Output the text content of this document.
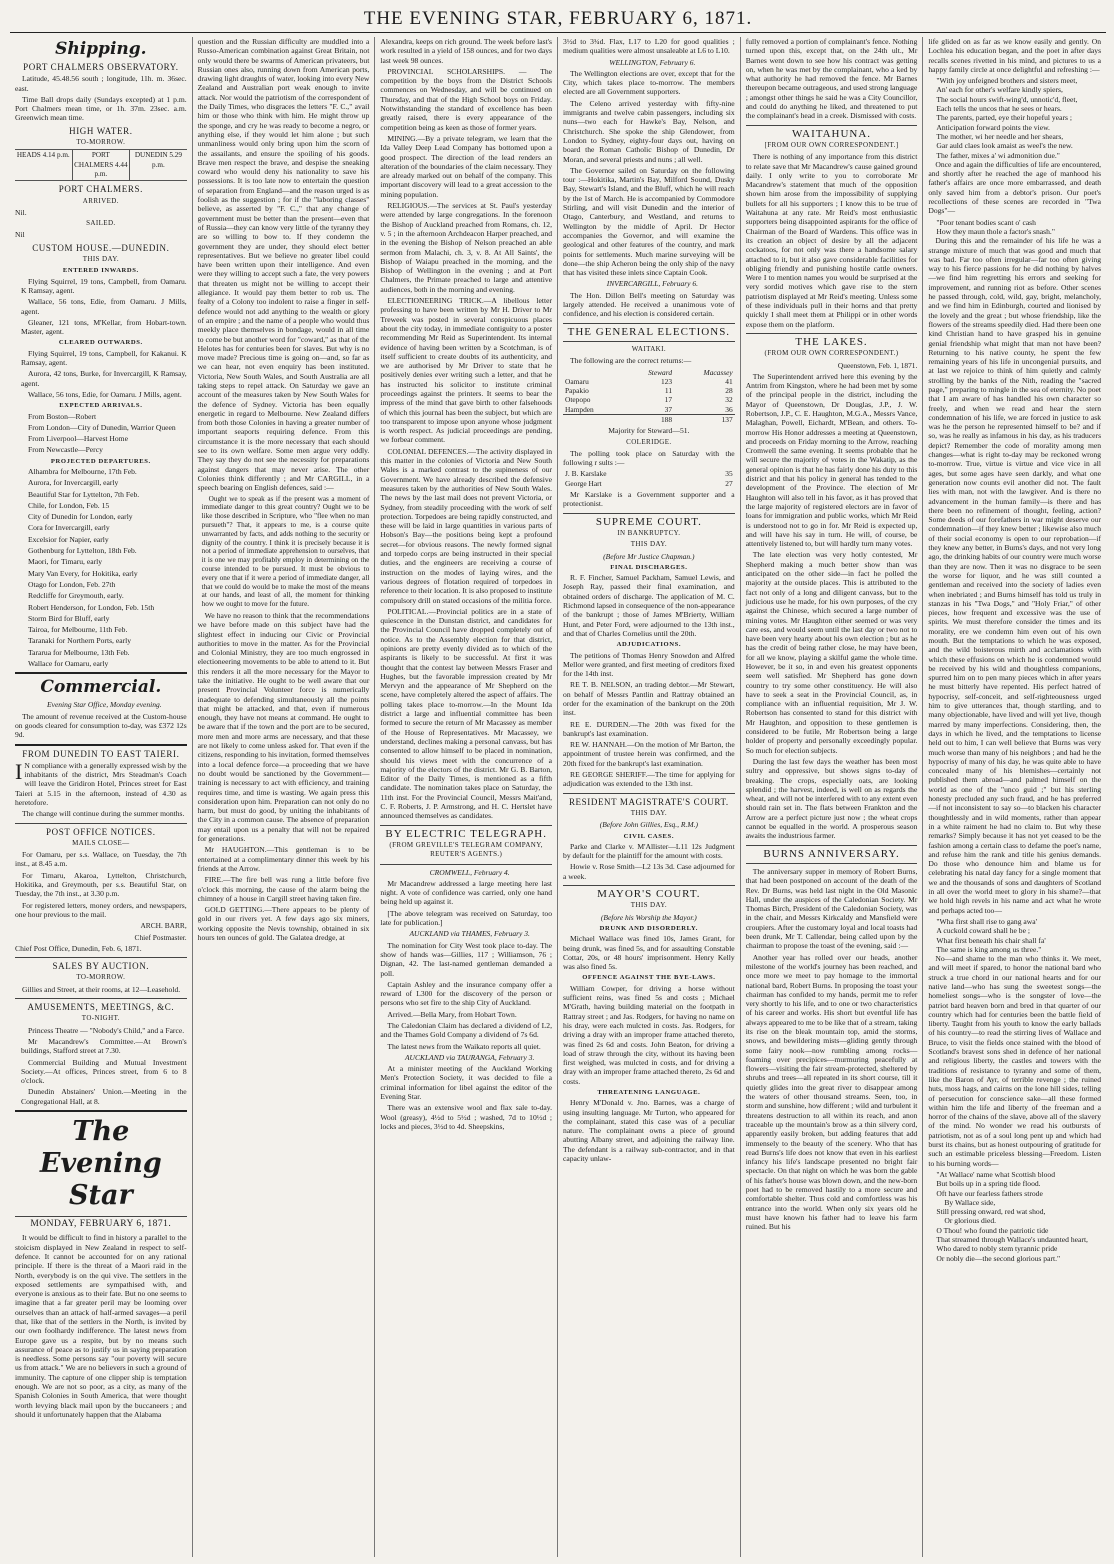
THE EVENING STAR, FEBRUARY 6, 1871.
Shipping.
PORT CHALMERS OBSERVATORY.

Latitude, 45.48.56 south ; longitude, 11h. m. 36sec. east.

Time Ball drops daily (Sundays excepted) at 1 p.m. Port Chalmers mean time, or 1h. 37m. 23sec. a.m. Greenwich mean time.

HIGH WATER.
TO-MORROW.
HEADS 4.14 p.m.	PORT CHALMERS 4.44 p.m.
DUNEDIN 5.29 p.m.
PORT CHALMERS.
ARRIVED.

Nil.

SAILED.

Nil

CUSTOM HOUSE.—DUNEDIN.
THIS DAY.
ENTERED INWARDS.

Flying Squirrel, 19 tons, Campbell, from Oamaru. K Ramsay, agent.

Wallace, 56 tons, Edie, from Oamaru. J Mills, agent.

Gleaner, 121 tons, M'Kellar, from Hobart-town. Master, agent.

CLEARED OUTWARDS.

Flying Squirrel, 19 tons, Campbell, for Kakanui. K Ramsay, agent.

Aurora, 42 tons, Burke, for Invercargill, K Ramsay, agent.

Wallace, 56 tons, Edie, for Oamaru. J Mills, agent.

EXPECTED ARRIVALS.

From Boston—Robert

From London—City of Dunedin, Warrior Queen

From Liverpool—Harvest Home

From Newcastle—Percy

PROJECTED DEPARTURES.

Alhambra for Melbourne, 17th Feb.

Aurora, for Invercargill, early

Beautiful Star for Lyttelton, 7th Feb.

Chile, for London, Feb. 15

City of Dunedin for London, early

Cora for Invercargill, early

Excelsior for Napier, early

Gothenburg for Lyttelton, 18th Feb.

Maori, for Timaru, early

Mary Van Every, for Hokitika, early

Otago for London, Feb. 27th

Redcliffe for Greymouth, early.

Robert Henderson, for London, Feb. 15th

Storm Bird for Bluff, early

Tairoa, for Melbourne, 11th Feb.

Taranaki for Northern Ports, early

Tararua for Melbourne, 13th Feb.

Wallace for Oamaru, early

Commercial.

Evening Star Office, Monday evening.

The amount of revenue received at the Custom-house on goods cleared for consumption to-day, was £372 12s 9d.

FROM DUNEDIN TO EAST TAIERI.

I N compliance with a generally expressed wish by the inhabitants of the district, Mrs Steadman's Coach will leave the Gridiron Hotel, Princes street for East Taieri at 5.15 in the afternoon, instead of 4.30 as heretofore.

The change will continue during the summer months.

POST OFFICE NOTICES.
MAILS CLOSE—

For Oamaru, per s.s. Wallace, on Tuesday, the 7th inst., at 8.45 a.m.

For Timaru, Akaroa, Lyttelton, Christchurch, Hokitika, and Greymouth, per s.s. Beautiful Star, on Tuesday, the 7th inst., at 3.30 p.m.

For registered letters, money orders, and newspapers, one hour previous to the mail.

ARCH. BARR,

Chief Postmaster.

Chief Post Office, Dunedin, Feb. 6, 1871.

SALES BY AUCTION.
TO-MORROW.

Gillies and Street, at their rooms, at 12—Leasehold.

AMUSEMENTS, MEETINGS, &C.
TO-NIGHT.

Princess Theatre — "Nobody's Child," and a Farce.

Mr Macandrew's Committee.—At Brown's buildings, Stafford street at 7.30.

Commercial Building and Mutual Investment Society.—At offices, Princes street, from 6 to 8 o'clock.

Dunedin Abstainers' Union.—Meeting in the Congregational Hall, at 8.

The Evening Star
MONDAY, FEBRUARY 6, 1871.

It would be difficult to find in history a parallel to the stoicism displayed in New Zealand in respect to self-defence. It cannot be accounted for on any rational principle. If there is the threat of a Maori raid in the North, everybody is on the qui vive. The settlers in the exposed settlements are sympathised with, and everyone is anxious as to their fate. But no one seems to imagine that a far greater peril may be looming over ourselves than an attack of half-armed savages—a peril that, like that of the settlers in the North, is invited by our own foolhardy indifference. The latest news from Europe gave us a respite, but by no means such assurance of peace as to justify us in saying preparation is needless. Some persons say "our poverty will secure us from attack." We are no believers in such a ground of immunity. The capture of one clipper ship is temptation enough. We are not so poor, as a city, as many of the Spanish Colonies in South America, that were thought worth levying black mail upon by the buccaneers ; and should it unfortunately happen that the Alabama

question and the Russian difficulty are muddled into a Russo-American combination against Great Britain, not only would there be swarms of American privateers, but Russian ones also, running down from American ports, drawing light draughts of water, looking into every New Zealand and Australian port weak enough to invite attack. Nor would the patriotism of the correspondent of the Daily Times, who disgraces the letters "F. C.," avail him or those who think with him. He might throw up the sponge, and cry he was ready to become a negro, or anything else, if they would let him alone ; but such unmanliness would only bring upon him the scorn of the assailants, and ensure the spoiling of his goods. Brave men respect the brave, and despise the sneaking coward who would deny his nationality to save his possessions. It is too late now to entertain the question of separation from England—and the reason urged is as foolish as the suggestion ; for if the "laboring classes" believe, as asserted by "F. C.," that any change of government must be better than the present—even that of Russia—they can know very little of the tyranny they are so willing to bow to. If they condemn the government they are under, they should elect better representatives. But we believe no greater libel could have been written upon their intelligence. And even were they willing to accept such a fate, the very powers that threaten us might not be willing to accept their allegiance. It would pay them better to rob us. The fealty of a Colony too indolent to raise a finger in self-defence would not add anything to the wealth or glory of an empire ; and the name of a people who would thus meekly place themselves in bondage, would in all time to come be but another word for "coward," as that of the Helotes has for centuries been for slaves. But why is no move made? Precious time is going on—and, so far as we can hear, not even enquiry has been instituted. Victoria, New South Wales, and South Australia are all taking steps to repel attack. On Saturday we gave an account of the measures taken by New South Wales for the defence of Sydney. Victoria has been equally energetic in regard to Melbourne. New Zealand differs from both those Colonies in having a greater number of important seaports requiring defence. From this circumstance it is the more necessary that each should see to its own welfare. Some men argue very oddly. They say they do not see the necessity for preparations against dangers that may never arise. The other Colonies think differently ; and Mr CARGILL, in a speech bearing on English defences, said :—

Ought we to speak as if the present was a moment of immediate danger to this great country? Ought we to be like those described in Scripture, who "flee when no man pursueth"? That, it appears to me, is a course quite unwarranted by facts, and adds nothing to the security or dignity of the country. I think it is precisely because it is not a period of immediate apprehension to ourselves, that it is one we may profitably employ in determining on the course intended to be pursued. It must be obvious to every one that if it were a period of immediate danger, all that we could do would be to make the most of the means at our hands, and least of all, the moment for thinking how we ought to move for the future.

We have no reason to think that the recommendations we have before made on this subject have had the slightest effect in inducing our Civic or Provincial authorities to move in the matter. As for the Provincial and Colonial Ministry, they are too much engrossed in electioneering movements to be able to attend to it. But this renders it all the more necessary for the Mayor to take the initiative. He ought to be well aware that our present Provincial Volunteer force is numerically inadequate to defending simultaneously all the points that might be attacked, and that, even if numerous enough, they have not means at command. He ought to be aware that if the town and the port are to be secured, more men and more arms are necessary, and that these are not likely to come unless asked for. That even if the citizens, responding to his invitation, formed themselves into a local defence force—a proceeding that we have no doubt would be sanctioned by the Government—training is necessary to act with efficiency, and training requires time, and time is wasting. We again press this consideration upon him. Preparation can not only do no harm, but must do good, by uniting the inhabitants of the City in a common cause. The absence of preparation may entail upon us a penalty that will not be repaired for generations.

Mr HAUGHTON.—This gentleman is to be entertained at a complimentary dinner this week by his friends at the Arrow.

FIRE.—The fire bell was rung a little before five o'clock this morning, the cause of the alarm being the chimney of a house in Cargill street having taken fire.

GOLD GETTING.—There appears to be plenty of gold in our rivers yet. A few days ago six miners, working opposite the Nevis township, obtained in six hours ten ounces of gold. The Galatea dredge, at

Alexandra, keeps on rich ground. The week before last's work resulted in a yield of 158 ounces, and for two days last week 98 ounces.

PROVINCIAL SCHOLARSHIPS. — The competition by the boys from the District Schools commences on Wednesday, and will be continued on Thursday, and that of the High School boys on Friday. Notwithstanding the standard of excellence has been greatly raised, there is every appearance of the competition being as keen as those of former years.

MINING.—By a private telegram, we learn that the Ida Valley Deep Lead Company has bottomed upon a good prospect. The direction of the lead renders an alteration of the boundaries of the claim necessary. They are already marked out on behalf of the company. This important discovery will lead to a great accession to the mining population.

RELIGIOUS.—The services at St. Paul's yesterday were attended by large congregations. In the forenoon the Bishop of Auckland preached from Romans, ch. 12, v. 5 ; in the afternoon Archdeacon Harper preached, and in the evening the Bishop of Nelson preached an able sermon from Malachi, ch. 3, v. 8. At All Saints', the Bishop of Waiapu preached in the morning, and the Bishop of Wellington in the evening ; and at Port Chalmers, the Primate preached to large and attentive audiences, both in the morning and evening.

ELECTIONEERING TRICK.—A libellous letter professing to have been written by Mr H. Driver to Mr Treweek was posted in several conspicuous places about the city today, in immediate contiguity to a poster recommending Mr Reid as Superintendent. Its internal evidence of having been written by a Scotchman, is of itself sufficient to create doubts of its authenticity, and we are authorised by Mr Driver to state that he positively denies ever writing such a letter, and that he has instructed his solicitor to institute criminal proceedings against the printers. It seems to bear the impress of the mind that gave birth to other falsehoods of which this journal has been the subject, but which are too transparent to impose upon anyone whose judgment is worth respect. As judicial proceedings are pending, we forbear comment.

COLONIAL DEFENCES.—The activity displayed in this matter in the colonies of Victoria and New South Wales is a marked contrast to the supineness of our Government. We have already described the defensive measures taken by the authorities of New South Wales. The news by the last mail does not prevent Victoria, or Sydney, from steadily proceeding with the work of self protection. Torpedoes are being rapidly constructed, and these will be laid in large quantities in various parts of Hobson's Bay—the positions being kept a profound secret—for obvious reasons. The newly formed signal and torpedo corps are being instructed in their special duties, and the engineers are receiving a course of instruction on the modes of laying wires, and the various degrees of flotation required of torpedoes in reference to their location. It is also proposed to institute compulsory drill on stated occasions of the militia force.

POLITICAL.—Provincial politics are in a state of quiescence in the Dunstan district, and candidates for the Provincial Council have dropped completely out of notice. As to the Assembly election for that district, opinions are pretty evenly divided as to which of the aspirants is likely to be successful. At first it was thought that the contest lay between Messrs Fraser and Hughes, but the favorable impression created by Mr Mervyn and the appearance of Mr Shepherd on the scene, have completely altered the aspect of affairs. The polling takes place to-morrow.—In the Mount Ida district a large and influential committee has been formed to secure the return of Mr Macassey as member of the House of Representatives. Mr Macassey, we understand, declines making a personal canvass, but has consented to allow himself to be placed in nomination, should his views meet with the concurrence of a majority of the electors of the district. Mr G. B. Barton, Editor of the Daily Times, is mentioned as a fifth candidate. The nomination takes place on Saturday, the 11th inst. For the Provincial Council, Messrs Mait'and, C. F. Roberts, J. P. Armstrong, and H. C. Hertslet have announced themselves as candidates.

BY ELECTRIC TELEGRAPH.
(FROM GREVILLE'S TELEGRAM COMPANY, REUTER'S AGENTS.)

CROMWELL, February 4.

Mr Macandrew addressed a large meeting here last night. A vote of confidence was carried, only one hand being held up against it.

[The above telegram was received on Saturday, too late for publication.]

AUCKLAND via THAMES, February 3.

The nomination for City West took place to-day. The show of hands was—Gillies, 117 ; Williamson, 76 ; Dignan, 42. The last-named gentleman demanded a poll.

Captain Ashley and the insurance company offer a reward of L300 for the discovery of the person or persons who set fire to the ship City of Auckland.

Arrived.—Bella Mary, from Hobart Town.

The Caledonian Claim has declared a dividend of L2, and the Thames Gold Company a dividend of 7s 6d.

The latest news from the Waikato reports all quiet.

AUCKLAND via TAURANGA, February 3.

At a minister meeting of the Auckland Working Men's Protection Society, it was decided to file a criminal information for libel against the editor of the Evening Star.

There was an extensive wool and flax sale to-day. Wool (greasy), 4½d to 5½d ; washed, 7d to 10½d ; locks and pieces, 3½d to 4d. Sheepskins,

3½d to 3¾d. Flax, L17 to L20 for good qualities ; medium qualities were almost unsaleable at L6 to L10.

WELLINGTON, February 6.

The Wellington elections are over, except that for the City, which takes place to-morrow. The members elected are all Government supporters.

The Celeno arrived yesterday with fifty-nine immigrants and twelve cabin passengers, including six nuns—two each for Hawke's Bay, Nelson, and Christchurch. She spoke the ship Glendower, from London to Sydney, eighty-four days out, having on board the Roman Catholic Bishop of Dunedin, Dr Moran, and several priests and nuns ; all well.

The Governor sailed on Saturday on the following tour :—Hokitika, Martin's Bay, Milford Sound, Dusky Bay, Stewart's Island, and the Bluff, which he will reach by the 1st of March. He is accompanied by Commodore Stirling, and will visit Dunedin and the interior of Otago, Canterbury, and Westland, and returns to Wellington by the middle of April. Dr Hector accompanies the Governor, and will examine the geological and other features of the country, and mark points for settlements. Much marine surveying will be done—the ship Acheron being the only ship of the navy that has visited these inlets since Captain Cook.

INVERCARGILL, February 6.

The Hon. Dillon Bell's meeting on Saturday was largely attended. He received a unanimous vote of confidence, and his election is considered certain.

THE GENERAL ELECTIONS.
WAITAKI.

The following are the correct returns:—

	Steward	Macassey
Oamaru	123	41
Papakio	11	28
Otepopo	17	32
Hampden	37	36
	188	137

Majority for Steward—51.

COLERIDGE.

The polling took place on Saturday with the following r sults :—

J. B. Karslake	35
George Hart	27

Mr Karslake is a Government supporter and a protectionist.

SUPREME COURT.
IN BANKRUPTCY.
THIS DAY.
(Before Mr Justice Chapman.)
FINAL DISCHARGES.

R. F. Fincher, Samuel Packham, Samuel Lewis, and Joseph Ray, passed their final examination, and obtained orders of discharge. The application of M. C. Richmond lapsed in consequence of the non-appearance of the bankrupt ; those of James M'Brierty, William Hunt, and Peter Ford, were adjourned to the 13th inst., and that of Charles Cornelius until the 20th.

ADJUDICATIONS.

The petitions of Thomas Henry Snowdon and Alfred Mellor were granted, and first meeting of creditors fixed for the 14th inst.

RE T. B. NELSON, an trading debtor.—Mr Stewart, on behalf of Messrs Pantlin and Rattray obtained an order for the examination of the bankrupt on the 20th inst.

RE E. DURDEN.—The 20th was fixed for the bankrupt's last examination.

RE W. HANNAH.—On the motion of Mr Barton, the appointment of trustee herein was confirmed, and the 20th fixed for the bankrupt's last examination.

RE GEORGE SHERIFF.—The time for applying for adjudication was extended to the 13th inst.

RESIDENT MAGISTRATE'S COURT.
THIS DAY.
(Before John Gillies, Esq., R.M.)
CIVIL CASES.

Parke and Clarke v. M'Allister—L11 12s Judgment by default for the plaintiff for the amount with costs.

Howie v. Rose Smith—L2 13s 3d. Case adjourned for a week.

MAYOR'S COURT.
THIS DAY.
(Before his Worship the Mayor.)
DRUNK AND DISORDERLY.

Michael Wallace was fined 10s, James Grant, for being drunk, was fined 5s, and for assaulting Constable Cottar, 20s, or 48 hours' imprisonment. Henry Kelly was also fined 5s.

OFFENCE AGAINST THE BYE-LAWS.

William Cowper, for driving a horse without sufficient reins, was fined 5s and costs ; Michael M'Grath, having building material on the footpath in Rattray street ; and Jas. Rodgers, for having no name on his dray, were each mulcted in costs. Jas. Rodgers, for driving a dray with an improper frame attached thereto, was fined 2s 6d and costs. John Beaton, for driving a load of straw through the city, without its having been first weighed, was mulcted in costs, and for driving a dray with an improper frame attached thereto, 2s 6d and costs.

THREATENING LANGUAGE.

Henry M'Donald v. Jno. Barnes, was a charge of using insulting language. Mr Turton, who appeared for the complainant, stated this case was of a peculiar nature. The complainant owns a piece of ground abutting Albany street, and adjoining the railway line. The defendant is a railway sub-contractor, and in that capacity unlaw-

fully removed a portion of complainant's fence. Nothing turned upon this, except that, on the 24th ult., Mr Barnes went down to see how his contract was getting on, when he was met by the complainant, who a ked by what authority he had removed the fence. Mr Barnes thereupon became outrageous, and used strong language ; amongst other things he said he was a City Councillor, and could do anything he liked, and threatened to put the complainant's head in a creek. Dismissed with costs.

WAITAHUNA.
[FROM OUR OWN CORRESPONDENT.]

There is nothing of any importance from this district to relate save that Mr Macandrew's cause gained ground daily. I only write to you to corroborate Mr Macandrew's statement that much of the opposition shown him arose from the impossibility of supplying bullets for all his supporters ; I know this to be true of Waitahuna at any rate. Mr Reid's most enthusiastic supporters being disappointed aspirants for the office of Chairman of the Board of Wardens. This office was in its creation an object of desire by all the adjacent cockatoos, for not only was there a handsome salary attached to it, but it also gave considerable facilities for obliging friendly and punishing hostile cattle owners. Were I to mention names you would be surprised at the very sordid motives which gave rise to the stern patriotism displayed at Mr Reid's meeting. Unless some of these individuals pull in their horns and that pretty quickly I shall meet them at Philippi or in other words expose them on the platform.

THE LAKES.
(FROM OUR OWN CORRESPONDENT.)

Queenstown, Feb. 1, 1871.

The Superintendent arrived here this evening by the Antrim from Kingston, where he had been met by some of the principal people in the district, including the Mayor of Queenstown, Dr Douglas, J.P., J. W. Robertson, J.P., C. E. Haughton, M.G.A., Messrs Vance, Malaghan, Powell, Eichardt, M'Bean, and others. To-morrow His Honor addresses a meeting at Queenstown, and proceeds on Friday morning to the Arrow, reaching Cromwell the same evening. It seems probable that he will secure the majority of votes in the Wakatip, as the general opinion is that he has fairly done his duty to this district and that his policy in general has tended to the development of the Province. The election of Mr Haughton will also tell in his favor, as it has proved that the large majority of registered electors are in favor of loans for immigration and public works, which Mr Reid is understood not to go in for. Mr Reid is expected up, and will have his say in turn. He will, of course, be attentively listened to, but will hardly turn many votes.

The late election was very hotly contested, Mr Shepherd making a much better show than was anticipated on the other side—in fact he polled the majority at the outside places. This is attributed to the fact not only of a long and diligent canvass, but to the judicious use he made, for his own purposes, of the cry against the Chinese, which secured a large number of mining votes. Mr Haughton either seemed or was very care ess, and would seem until the last day or two not to have been very hearty about his own election ; but as he has the credit of being rather close, he may have been, for all we know, playing a skilful game the whole time. However, be it so, in and even his greatest opponents seem well satisfied. Mr Shepherd has gone down country to try some other constituency. He will also have to seek a seat in the Provincial Council, as, in compliance with an influential requisition, Mr J. W. Robertson has consented to stand for this district with Mr Haughton, and opposition to these gentlemen is considered to be futile, Mr Robertson being a large holder of property and personally exceedingly popular. So much for election subjects.

During the last few days the weather has been most sultry and oppressive, but shows signs to-day of breaking. The crops, especially oats, are looking splendid ; the harvest, indeed, is well on as regards the wheat, and will not be interfered with to any extent even should rain set in. The flats between Frankton and the Arrow are a perfect picture just now ; the wheat crops cannot be equalled in the world. A prosperous season awaits the industrious farmer.

BURNS ANNIVERSARY.

The anniversary supper in memory of Robert Burns, that had been postponed on account of the death of the Rev. Dr Burns, was held last night in the Old Masonic Hall, under the auspices of the Caledonian Society. Mr Thomas Birch, President of the Caledonian Society, was in the chair, and Messrs Kirkcaldy and Mansfield were croupiers. After the customary loyal and local toasts had been drunk, Mr T. Callendar, being called upon by the chairman to propose the toast of the evening, said :—

Another year has rolled over our heads, another milestone of the world's journey has been reached, and once more we meet to pay homage to the immortal national bard, Robert Burns. In proposing the toast your chairman has confided to my hands, permit me to refer very shortly to his life, and to one or two characteristics of his career and works. His short but eventful life has always appeared to me to be like that of a stream, taking its rise on the bleak mountain top, amid the storms, snows, and bewildering mists—gliding gently through some fairy nook—now rumbling among rocks—foaming over precipices—murmuring peacefully at flowers—visiting the fair stream-protected, sheltered by shrubs and trees—all repeated in its short course, till it quietly glides into the great river to disappear among the waters of other thousand streams. Seen, too, in storm and sunshine, how different ; wild and turbulent it threatens destruction to all within its reach, and anon traceable up the mountain's brow as a thin silvery cord, apparently easily broken, but adding features that add immensely to the beauty of the scenery. Who that has read Burns's life does not know that even in his earliest infancy his life's landscape presented no bright fair spectacle. On that night on which he was born the gable of his father's house was blown down, and the new-born poet had to be removed hastily to a more secure and comfortable shelter. Thus cold and comfortless was his entrance into the world. When only six years old he must have known his father had to leave his farm ruined. But his

life glided on as far as we know easily and gently. On Lochlea his education began, and the poet in after days recalls scenes rivetted in his mind, and pictures to us a happy family circle at once delightful and refreshing :—

"With joy unfeigned brothers and sisters meet,

An' each for other's welfare kindly spiers,

The social hours swift-wing'd, unnotic'd, fleet,

Each tells the uncos that he sees or hears.

The parents, parted, eye their hopeful years ;

Anticipation forward points the view.

The mother, wi her needle and her shears,

Gar auld claes look amaist as weel's the new.

The father, mixes a' wi admonition due."

Once and again the difficulties of life are encountered, and shortly after he reached the age of manhood his father's affairs are once more embarrassed, and death only saved him from a debtor's prison. Our poet's recollections of these scenes are recorded in "Twa Dogs"—

"Poor tenant bodies scant o' cash

How they maun thole a factor's snash."

During this and the remainder of his life he was a strange mixture of much that was good and much that was bad. Far too often irregular—far too often giving way to his fierce passions for he did nothing by halves—we find him regretting his errors and seeking for improvement, and running riot as before. Other scenes he passed through, cold, wild, gay, bright, melancholy, and we find him in Edinburgh, courted and lionised by the lovely and the great ; but whose friendship, like the flowers of the streams speedily died. Had there been one kind Christian hand to have grasped his in genuine genial friendship what might that man not have been? Returning to his native county, he spent the few remaining years of his life in uncongenial pursuits, and at last we rejoice to think of him quietly and calmly strolling by the banks of the Nith, reading the "sacred page," preparing to mingle in the sea of eternity. No poet that I am aware of has handled his own character so freely, and when we read and hear the stern condemnation of his life, we are forced in justice to ask was he the person he represented himself to be? and if so, was he really as infamous in his day, as his traducers depict? Remember the code of morality among men changes—what is right to-day may be reckoned wrong to-morrow. True, virtue is virtue and vice vice in all ages, but some ages have seen darkly, and what one generation now counts evil another did not. The fault lies with man, not with the lawgiver. And is there no advancement in the human family—is there and has there been no refinement of thought, feeling, action? Some deeds of our forefathers in war might deserve our condemnation—if they knew better ; likewise also much of their social economy is open to our reprobation—if they knew any better, in Burns's days, and not very long ago, the drinking habits of our country were much worse than they are now. Then it was no disgrace to be seen the worse for liquor, and he was still counted a gentleman and received into the society of ladies even when inebriated ; and Burns himself has told us truly in stanzas in his "Twa Dogs," and "Holy Friar," of other pieces, how frequent and excessive was the use of spirits. We must therefore consider the times and its morality, ere we condemn him even out of his own mouth. But the temptations to which he was exposed, and the wild boisterous mirth and acclamations with which these effusions on which he is condemned would be received by his wild and thoughtless companions, spurred him on to pen many pieces which in after years he must bitterly have repented. His perfect hatred of hypocrisy, self-conceit, and self-righteousness urged him to give utterances that, though startling, and to many objectionable, have lived and will yet live, though marred by many imperfections. Considering, then, the days in which he lived, and the temptations to license held out to him, I can well believe that Burns was very much worse than many of his neighbors ; and had he the hypocrisy of many of his day, he was quite able to have concealed many of his blemishes—certainly not published them abroad—and palmed himself on the world as one of the "unco guid ;" but his sterling honesty precluded any such fraud, and he has preferred—if not inconsistent to say so—to blacken his character thoughtlessly and in wild moments, rather than appear in a white raiment he had no claim to. But why these remarks? Simply because it has not yet ceased to be the fashion among a certain class to defame the poet's name, and refuse him the rank and title his genius demands. Do those who denounce him and blame us for celebrating his natal day fancy for a single moment that we and the thousands of sons and daughters of Scotland in all over the world meet to glory in his shame?—that we hold high revels in his name and act what he wrote and perhaps acted too—

"Wha first shall rise to gang awa'

A cuckold coward shall he be ;

What first beneath his chair shall fa'

The same is king among us three."

No—and shame to the man who thinks it. We meet, and will meet if spared, to honor the national bard who struck a true chord in our national hearts and for our native land—who has sung the sweetest songs—the homeliest songs—who is the songster of love—the patriot bard heaven born and bred in that quarter of our country which had for centuries been the battle field of liberty. Taught from his youth to know the early ballads of his country—to read the stirring lives of Wallace and Bruce, to visit the fields once stained with the blood of Scotland's bravest sons shed in defence of her national and religious liberty, the castles and towers with the traditions of resistance to tyranny and some of them, like the Baron of Ayr, of terrible revenge ; the ruined huts, moss hags, and cairns on the lone hill sides, telling of persecution for conscience sake—all these formed within him the life and liberty of the freeman and a horror of the chains of the slave, above all of the slavery of the mind. No wonder we read his outbursts of patriotism, not as of a soul long pent up and which had burst its chains, but as honest outpouring of gratitude for such an estimable priceless blessing—Freedom. Listen to his burning words—

"At Wallace' name what Scottish blood

But boils up in a spring tide flood.

Oft have our fearless fathers strode

By Wallace side,

Still pressing onward, red wat shod,

Or glorious died.

O Thou! who found the patriotic tide

That streamed through Wallace's undaunted heart,

Who dared to nobly stem tyrannic pride

Or nobly die—the second glorious part."
